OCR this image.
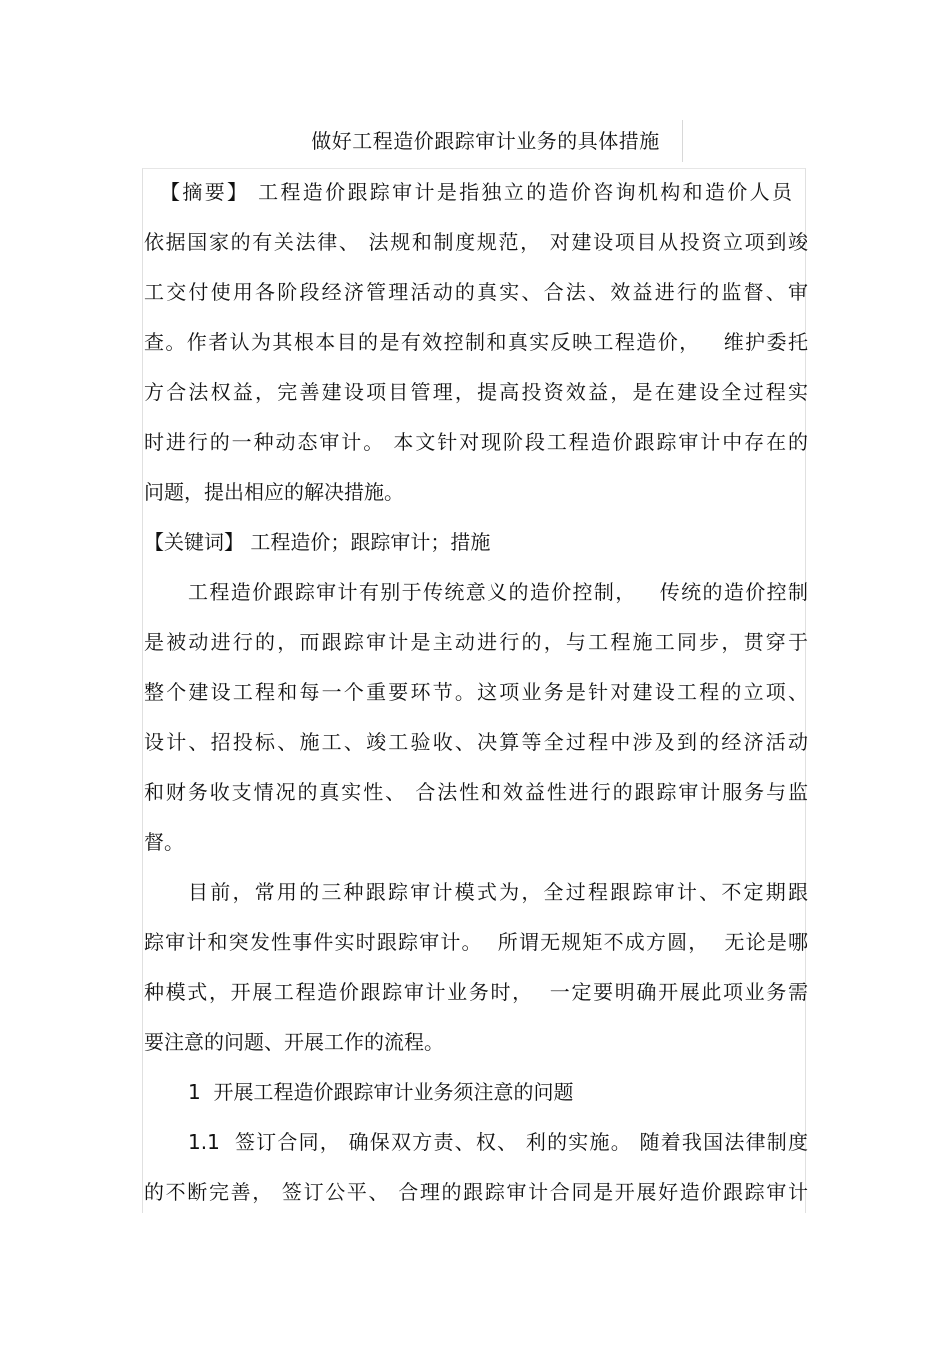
做好工程造价跟踪审计业务的具体措施
【摘要】 工程造价跟踪审计是指独立的造价咨询机构和造价人员
依据国家的有关法律、 法规和制度规范， 对建设项目从投资立项到竣
工交付使用各阶段经济管理活动的真实、合法、效益进行的监督、审
查。作者认为其根本目的是有效控制和真实反映工程造价，   维护委托
方合法权益，完善建设项目管理，提高投资效益，是在建设全过程实
时进行的一种动态审计。 本文针对现阶段工程造价跟踪审计中存在的
问题，提出相应的解决措施。
【关键词】 工程造价；跟踪审计；措施
工程造价跟踪审计有别于传统意义的造价控制，   传统的造价控制
是被动进行的，而跟踪审计是主动进行的，与工程施工同步，贯穿于
整个建设工程和每一个重要环节。这项业务是针对建设工程的立项、
设计、招投标、施工、竣工验收、决算等全过程中涉及到的经济活动
和财务收支情况的真实性、 合法性和效益性进行的跟踪审计服务与监
督。
目前，常用的三种跟踪审计模式为，全过程跟踪审计、不定期跟
踪审计和突发性事件实时跟踪审计。  所谓无规矩不成方圆，  无论是哪
种模式，开展工程造价跟踪审计业务时，  一定要明确开展此项业务需
要注意的问题、开展工作的流程。
1  开展工程造价跟踪审计业务须注意的问题
1.1  签订合同， 确保双方责、权、 利的实施。 随着我国法律制度
的不断完善， 签订公平、 合理的跟踪审计合同是开展好造价跟踪审计
